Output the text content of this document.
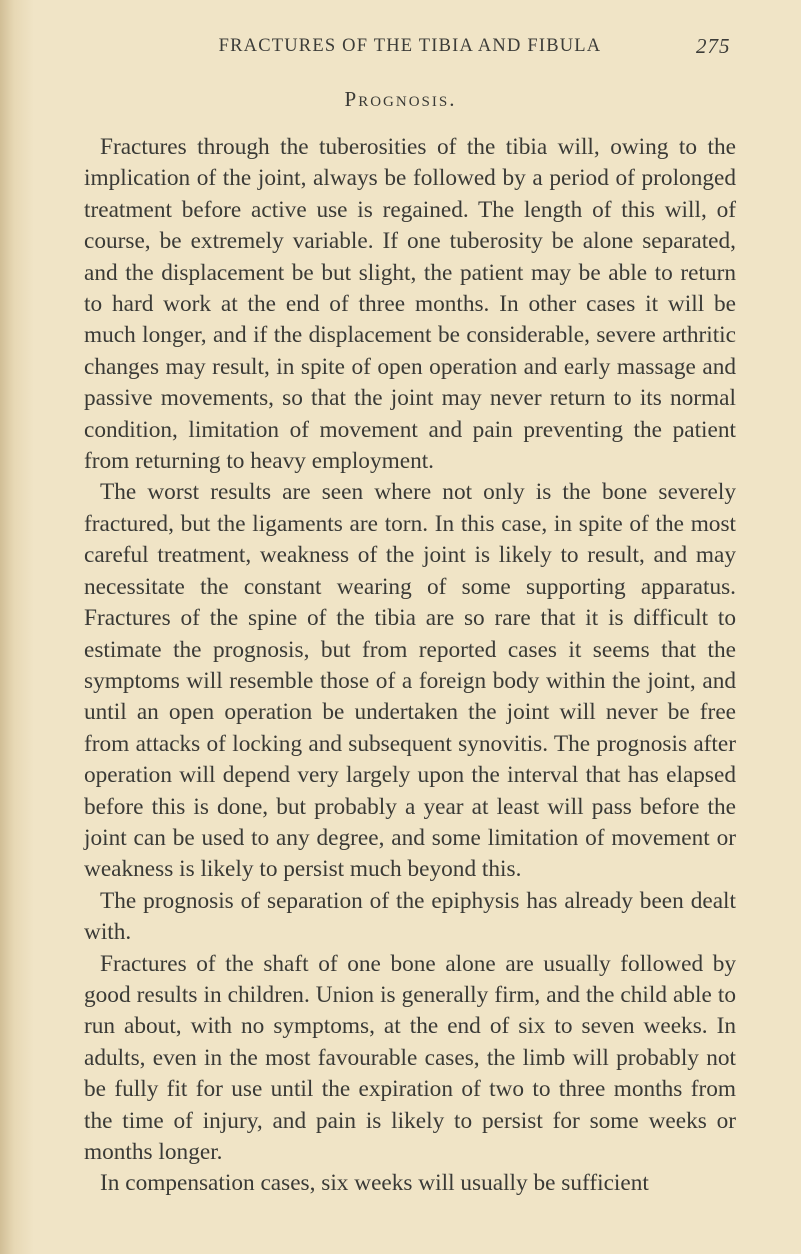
FRACTURES OF THE TIBIA AND FIBULA	275
Prognosis.

Fractures through the tuberosities of the tibia will, owing to the implication of the joint, always be followed by a period of prolonged treatment before active use is regained. The length of this will, of course, be extremely variable. If one tuberosity be alone separated, and the displacement be but slight, the patient may be able to return to hard work at the end of three months. In other cases it will be much longer, and if the displacement be considerable, severe arthritic changes may result, in spite of open operation and early massage and passive movements, so that the joint may never return to its normal condition, limitation of movement and pain preventing the patient from returning to heavy employment.

The worst results are seen where not only is the bone severely fractured, but the ligaments are torn. In this case, in spite of the most careful treatment, weakness of the joint is likely to result, and may necessitate the constant wearing of some supporting apparatus. Fractures of the spine of the tibia are so rare that it is difficult to estimate the prognosis, but from reported cases it seems that the symptoms will resemble those of a foreign body within the joint, and until an open operation be undertaken the joint will never be free from attacks of locking and subsequent synovitis. The prognosis after operation will depend very largely upon the interval that has elapsed before this is done, but probably a year at least will pass before the joint can be used to any degree, and some limitation of movement or weakness is likely to persist much beyond this.

The prognosis of separation of the epiphysis has already been dealt with.

Fractures of the shaft of one bone alone are usually followed by good results in children. Union is generally firm, and the child able to run about, with no symptoms, at the end of six to seven weeks. In adults, even in the most favourable cases, the limb will probably not be fully fit for use until the expiration of two to three months from the time of injury, and pain is likely to persist for some weeks or months longer.

In compensation cases, six weeks will usually be sufficient
